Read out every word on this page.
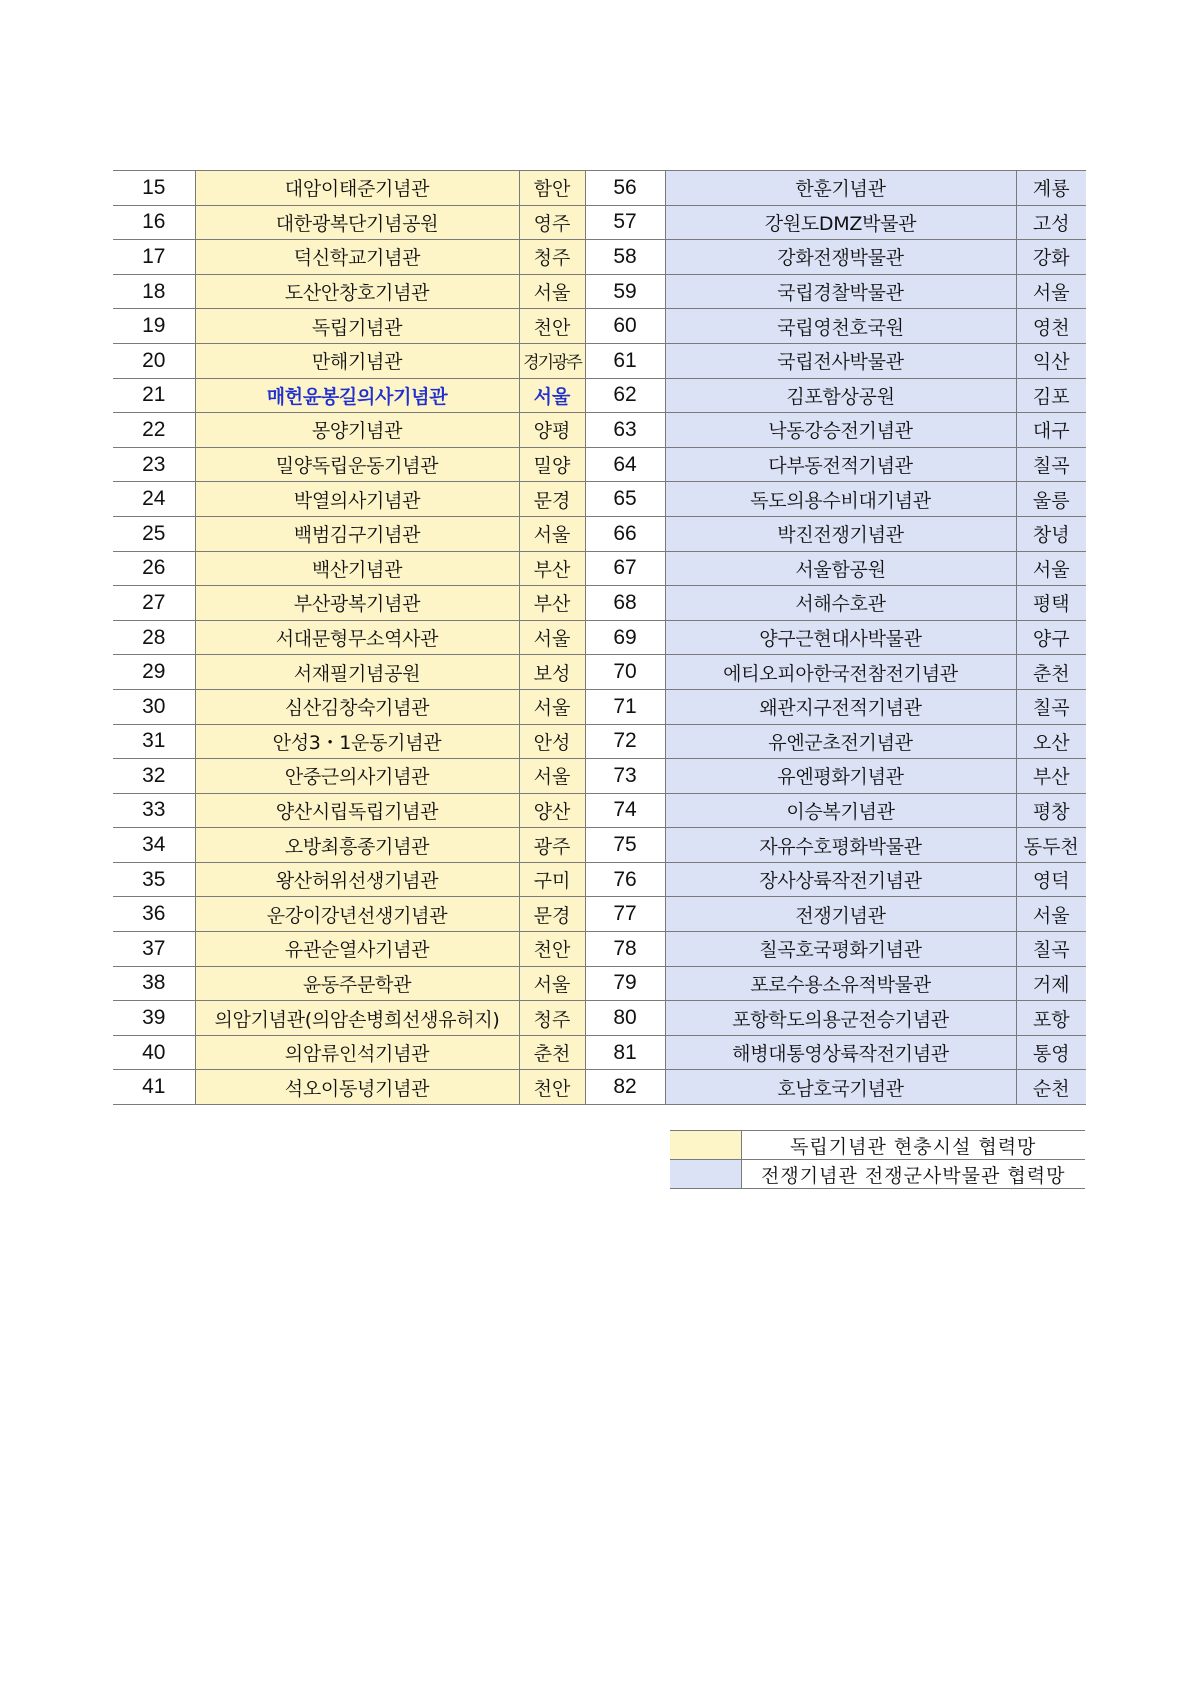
15	대암이태준기념관	함안	56	한훈기념관	계룡
16	대한광복단기념공원	영주	57	강원도DMZ박물관	고성
17	덕신학교기념관	청주	58	강화전쟁박물관	강화
18	도산안창호기념관	서울	59	국립경찰박물관	서울
19	독립기념관	천안	60	국립영천호국원	영천
20	만해기념관	경기광주	61	국립전사박물관	익산
21	매헌윤봉길의사기념관	서울	62	김포함상공원	김포
22	몽양기념관	양평	63	낙동강승전기념관	대구
23	밀양독립운동기념관	밀양	64	다부동전적기념관	칠곡
24	박열의사기념관	문경	65	독도의용수비대기념관	울릉
25	백범김구기념관	서울	66	박진전쟁기념관	창녕
26	백산기념관	부산	67	서울함공원	서울
27	부산광복기념관	부산	68	서해수호관	평택
28	서대문형무소역사관	서울	69	양구근현대사박물관	양구
29	서재필기념공원	보성	70	에티오피아한국전참전기념관	춘천
30	심산김창숙기념관	서울	71	왜관지구전적기념관	칠곡
31	안성3・1운동기념관	안성	72	유엔군초전기념관	오산
32	안중근의사기념관	서울	73	유엔평화기념관	부산
33	양산시립독립기념관	양산	74	이승복기념관	평창
34	오방최흥종기념관	광주	75	자유수호평화박물관	동두천
35	왕산허위선생기념관	구미	76	장사상륙작전기념관	영덕
36	운강이강년선생기념관	문경	77	전쟁기념관	서울
37	유관순열사기념관	천안	78	칠곡호국평화기념관	칠곡
38	윤동주문학관	서울	79	포로수용소유적박물관	거제
39	의암기념관(의암손병희선생유허지)	청주	80	포항학도의용군전승기념관	포항
40	의암류인석기념관	춘천	81	해병대통영상륙작전기념관	통영
41	석오이동녕기념관	천안	82	호남호국기념관	순천
	독립기념관 현충시설 협력망
	전쟁기념관 전쟁군사박물관 협력망
